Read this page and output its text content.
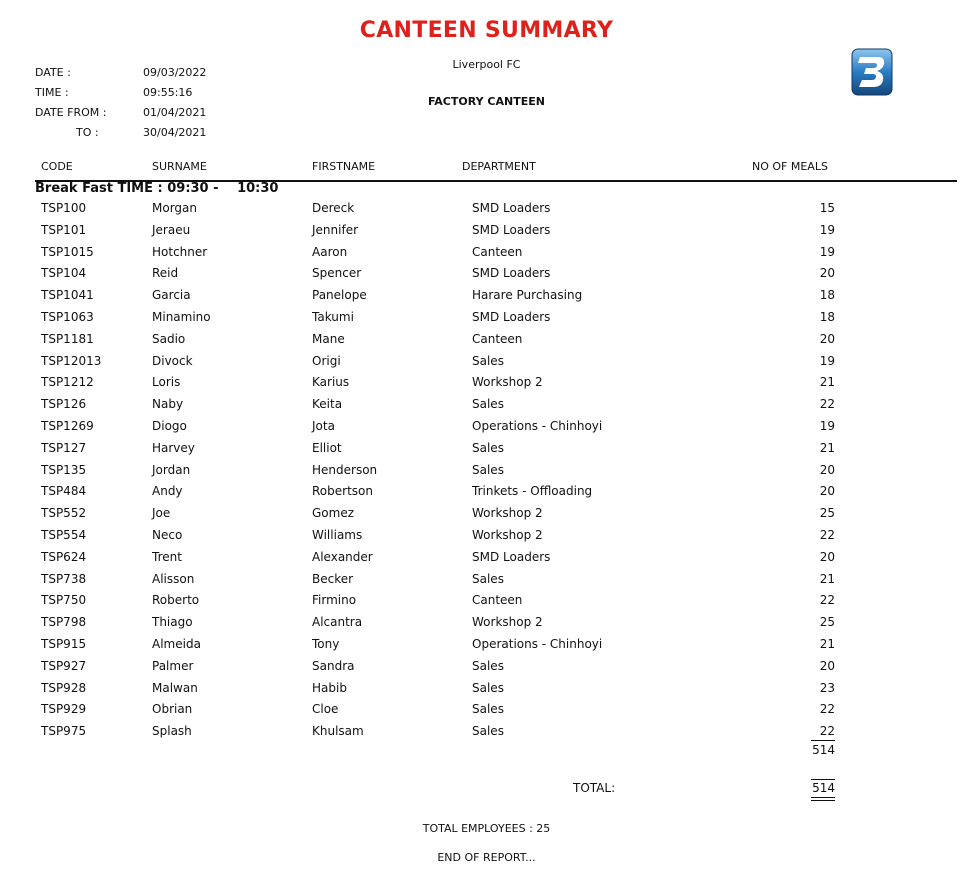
CANTEEN SUMMARY
Liverpool FC
FACTORY CANTEEN
DATE :	09/03/2022
TIME :	09:55:16
DATE FROM :	01/04/2021
TO :	30/04/2021
CODE	SURNAME	FIRSTNAME	DEPARTMENT	NO OF MEALS
Break Fast TIME : 09:30 - 10:30
TSP100	Morgan	Dereck	SMD Loaders	15
TSP101	Jeraeu	Jennifer	SMD Loaders	19
TSP1015	Hotchner	Aaron	Canteen	19
TSP104	Reid	Spencer	SMD Loaders	20
TSP1041	Garcia	Panelope	Harare Purchasing	18
TSP1063	Minamino	Takumi	SMD Loaders	18
TSP1181	Sadio	Mane	Canteen	20
TSP12013	Divock	Origi	Sales	19
TSP1212	Loris	Karius	Workshop 2	21
TSP126	Naby	Keita	Sales	22
TSP1269	Diogo	Jota	Operations - Chinhoyi	19
TSP127	Harvey	Elliot	Sales	21
TSP135	Jordan	Henderson	Sales	20
TSP484	Andy	Robertson	Trinkets - Offloading	20
TSP552	Joe	Gomez	Workshop 2	25
TSP554	Neco	Williams	Workshop 2	22
TSP624	Trent	Alexander	SMD Loaders	20
TSP738	Alisson	Becker	Sales	21
TSP750	Roberto	Firmino	Canteen	22
TSP798	Thiago	Alcantra	Workshop 2	25
TSP915	Almeida	Tony	Operations - Chinhoyi	21
TSP927	Palmer	Sandra	Sales	20
TSP928	Malwan	Habib	Sales	23
TSP929	Obrian	Cloe	Sales	22
TSP975	Splash	Khulsam	Sales	22
514
TOTAL:	514
TOTAL EMPLOYEES : 25
END OF REPORT...
